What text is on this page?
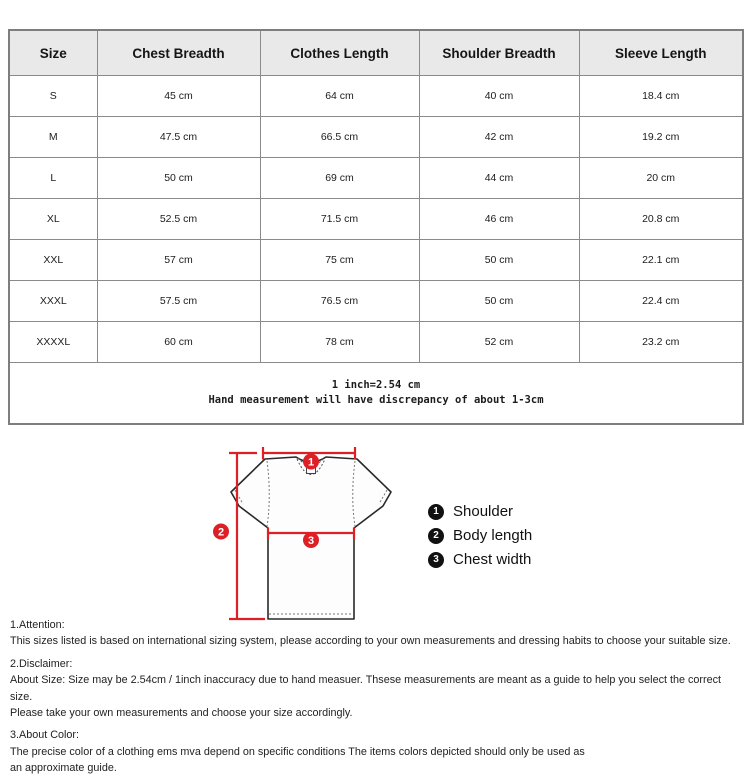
Size	Chest Breadth	Clothes Length	Shoulder Breadth	Sleeve Length
S	45 cm	64 cm	40 cm	18.4 cm
M	47.5 cm	66.5 cm	42 cm	19.2 cm
L	50 cm	69 cm	44 cm	20 cm
XL	52.5 cm	71.5 cm	46 cm	20.8 cm
XXL	57 cm	75 cm	50 cm	22.1 cm
XXXL	57.5 cm	76.5 cm	50 cm	22.4 cm
XXXXL	60 cm	78 cm	52 cm	23.2 cm

1 inch=2.54 cm
Hand measurement will have discrepancy of about 1-3cm				
1
2
3
1 Shoulder
2 Body length
3 Chest width
1.Attention:
This sizes listed is based on international sizing system, please according to your own measurements and dressing habits to choose your suitable size.
2.Disclaimer:
About Size: Size may be 2.54cm / 1inch inaccuracy due to hand measuer. Thsese measurements are meant as a guide to help you select the correct size.
Please take your own measurements and choose your size accordingly.
3.About Color:
The precise color of a clothing ems mva depend on specific conditions The items colors depicted should only be used as
an approximate guide.
